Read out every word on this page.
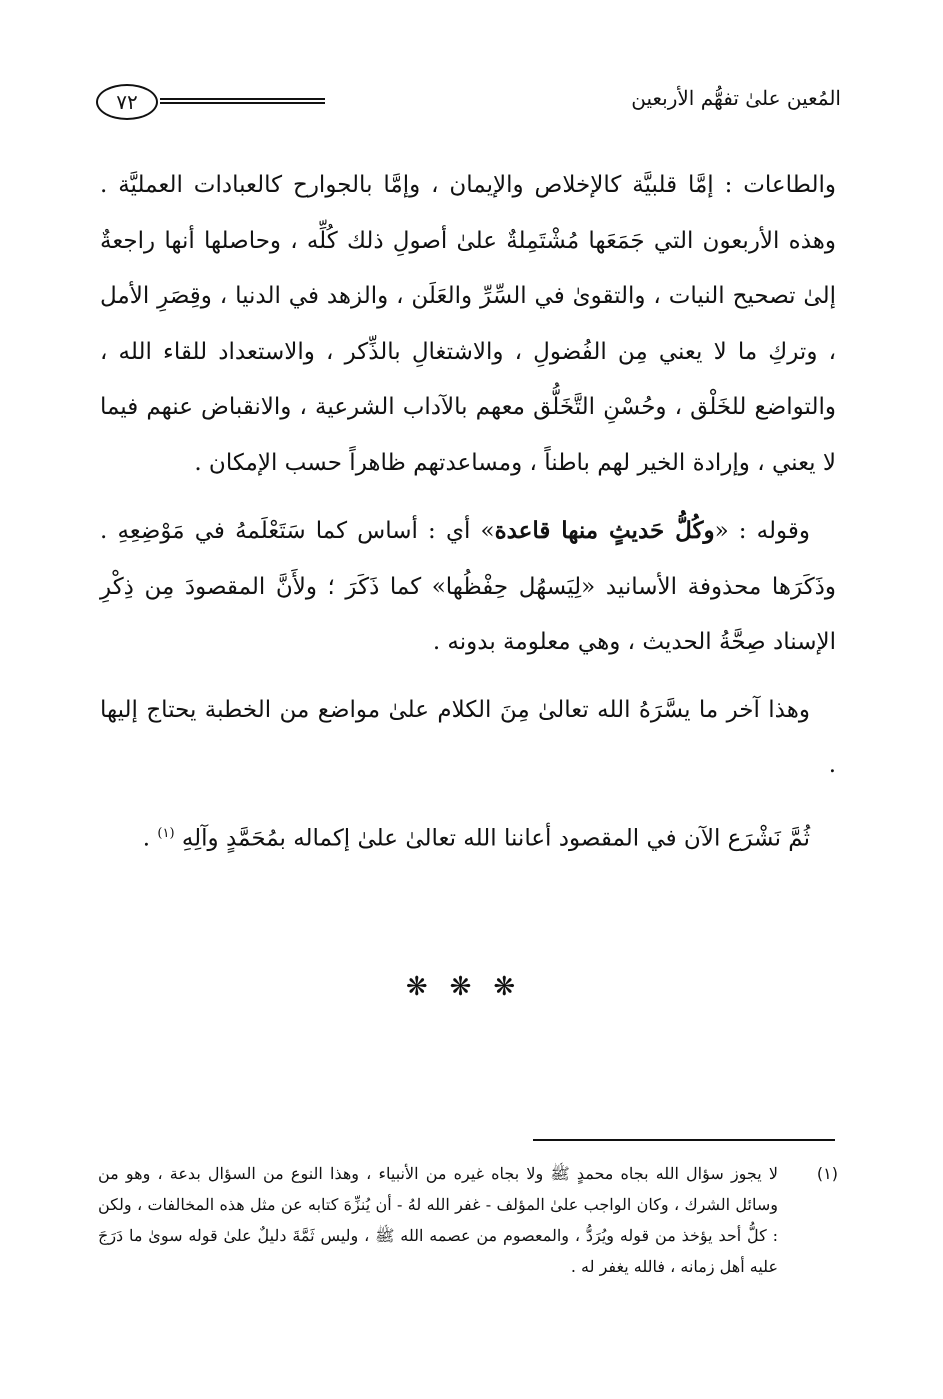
٧٢	المُعين علىٰ تفهُّم الأربعين

والطاعات : إمَّا قلبيَّة كالإخلاص والإيمان ، وإمَّا بالجوارح كالعبادات العمليَّة . وهذه الأربعون التي جَمَعَها مُشْتَمِلةٌ علىٰ أصولِ ذلك كُلِّه ، وحاصلها أنها راجعةٌ إلىٰ تصحيح النيات ، والتقوىٰ في السِّرِّ والعَلَن ، والزهد في الدنيا ، وقِصَرِ الأمل ، وتركِ ما لا يعني مِن الفُضولِ ، والاشتغالِ بالذِّكر ، والاستعداد للقاء الله ، والتواضع للخَلْق ، وحُسْنِ التَّخَلُّق معهم بالآداب الشرعية ، والانقباض عنهم فيما لا يعني ، وإرادة الخير لهم باطناً ، ومساعدتهم ظاهراً حسب الإمكان .

وقوله : «وكُلُّ حَديثٍ منها قاعدة» أي : أساس كما سَتَعْلَمهُ في مَوْضِعِهِ . وذَكَرَها محذوفة الأسانيد «لِيَسهُل حِفْظُها» كما ذَكَرَ ؛ ولأَنَّ المقصودَ مِن ذِكْرِ الإسناد صِحَّةُ الحديث ، وهي معلومة بدونه .

وهذا آخر ما يسَّرَهُ الله تعالىٰ مِنَ الكلام علىٰ مواضع من الخطبة يحتاج إليها .

ثُمَّ نَشْرَع الآن في المقصود أعاننا الله تعالىٰ علىٰ إكماله بمُحَمَّدٍ وآلِهِ $^{(١)}$ .

❋❋❋
(١)
لا يجوز سؤال الله بجاه محمدٍ ﷺ ولا بجاه غيره من الأنبياء ، وهذا النوع من السؤال بدعة ، وهو من وسائل الشرك ، وكان الواجب علىٰ المؤلف - غفر الله لهُ - أن يُنزِّهَ كتابه عن مثل هذه المخالفات ، ولكن : كلُّ أحد يؤخذ من قوله ويُرَدُّ ، والمعصوم من عصمه الله ﷺ ، وليس ثَمَّةَ دليلٌ علىٰ قوله سوىٰ ما دَرَجَ عليه أهل زمانه ، فالله يغفر له .
